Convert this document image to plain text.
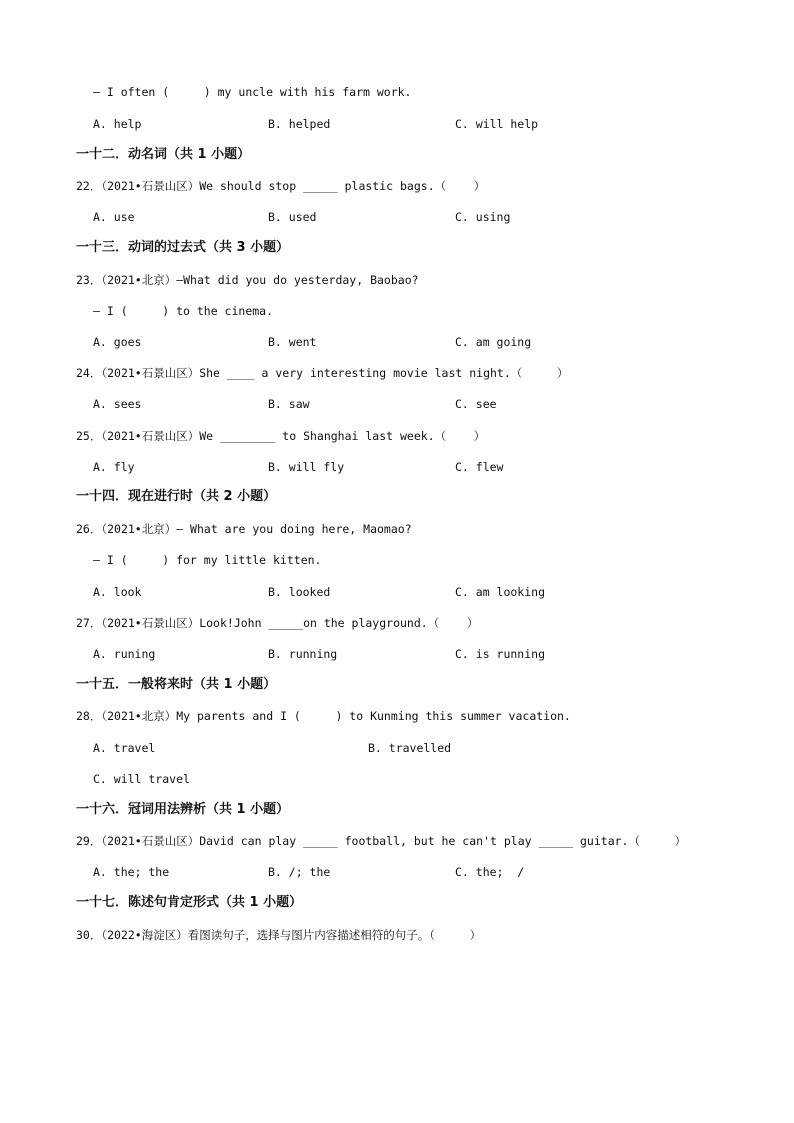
— I often (     ) my uncle with his farm work.
A. help	B. helped	C. will help
一十二．动名词（共 1 小题）
22．（2021•石景山区）We should stop _____ plastic bags.（    ）
A. use	B. used	C. using
一十三．动词的过去式（共 3 小题）
23．（2021•北京）—What did you do yesterday, Baobao?
— I (     ) to the cinema.
A. goes	B. went	C. am going
24．（2021•石景山区）She ____ a very interesting movie last night.（     ）
A. sees	B. saw	C. see
25．（2021•石景山区）We ________ to Shanghai last week.（    ）
A. fly	B. will fly	C. flew
一十四．现在进行时（共 2 小题）
26．（2021•北京）— What are you doing here, Maomao?
— I (     ) for my little kitten.
A. look	B. looked	C. am looking
27．（2021•石景山区）Look!John _____on the playground.（    ）
A. runing	B. running	C. is running
一十五．一般将来时（共 1 小题）
28．（2021•北京）My parents and I (     ) to Kunming this summer vacation.
A. travel	B. travelled
C. will travel
一十六．冠词用法辨析（共 1 小题）
29．（2021•石景山区）David can play _____ football, but he can't play _____ guitar.（     ）
A. the; the	B. /; the	C. the;  /
一十七．陈述句肯定形式（共 1 小题）
30．（2022•海淀区）看图读句子，选择与图片内容描述相符的句子。（     ）
